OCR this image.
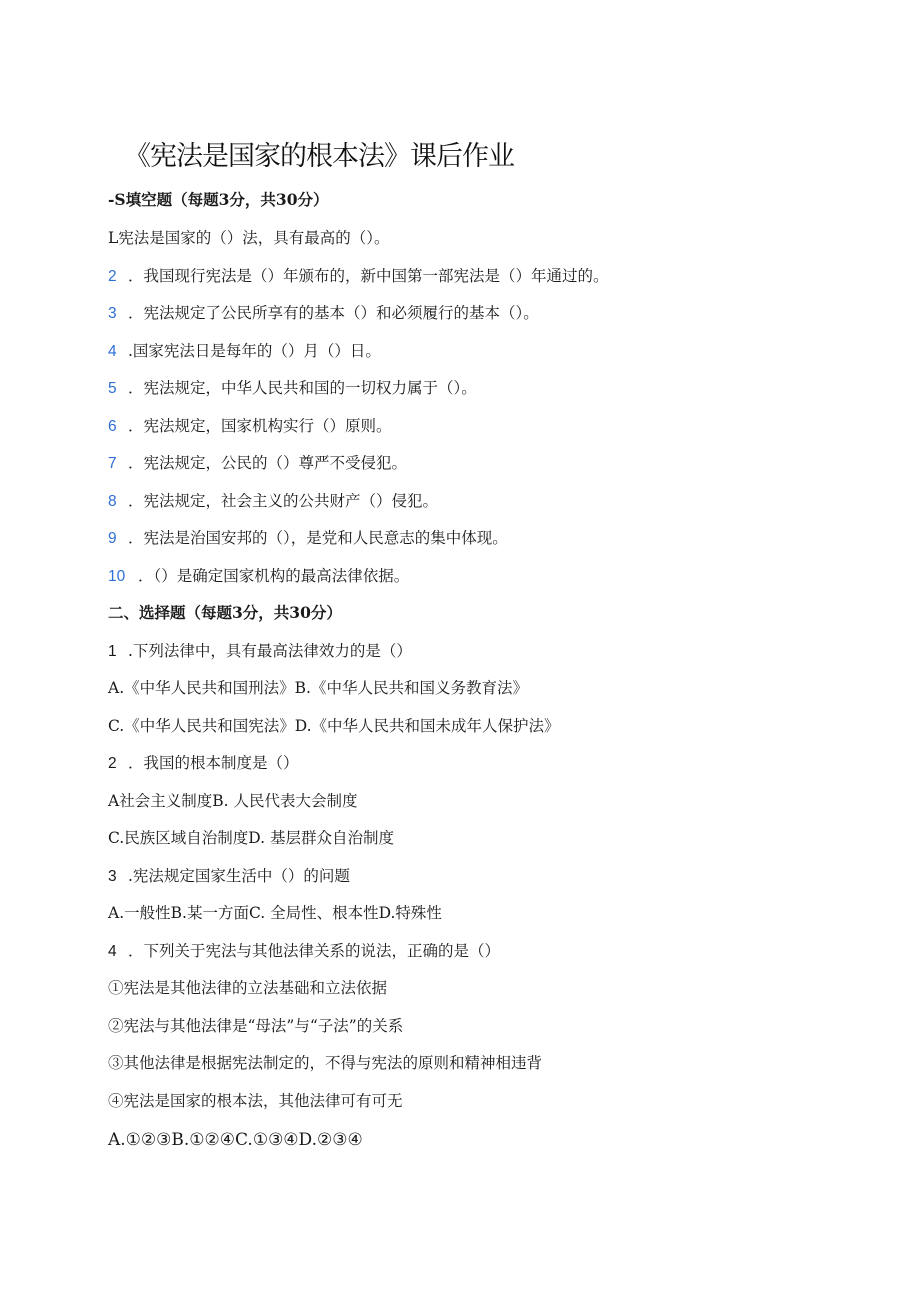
《宪法是国家的根本法》课后作业
-S填空题（每题3分，共30分）
L宪法是国家的（）法，具有最高的（）。
2 ．我国现行宪法是（）年颁布的，新中国第一部宪法是（）年通过的。
3 ．宪法规定了公民所享有的基本（）和必须履行的基本（）。
4 .国家宪法日是每年的（）月（）日。
5 ．宪法规定，中华人民共和国的一切权力属于（）。
6 ．宪法规定，国家机构实行（）原则。
7 ．宪法规定，公民的（）尊严不受侵犯。
8 ．宪法规定，社会主义的公共财产（）侵犯。
9 ．宪法是治国安邦的（），是党和人民意志的集中体现。
10 ．（）是确定国家机构的最高法律依据。
二、选择题（每题3分，共30分）
1 .下列法律中，具有最高法律效力的是（）
A.《中华人民共和国刑法》B.《中华人民共和国义务教育法》
C.《中华人民共和国宪法》D.《中华人民共和国未成年人保护法》
2 ．我国的根本制度是（）
A社会主义制度B. 人民代表大会制度
C.民族区域自治制度D. 基层群众自治制度
3 .宪法规定国家生活中（）的问题
A.一般性B.某一方面C. 全局性、根本性D.特殊性
4 ．下列关于宪法与其他法律关系的说法，正确的是（）
①宪法是其他法律的立法基础和立法依据
②宪法与其他法律是“母法”与“子法”的关系
③其他法律是根据宪法制定的，不得与宪法的原则和精神相违背
④宪法是国家的根本法，其他法律可有可无
A.①②③B.①②④C.①③④D.②③④
